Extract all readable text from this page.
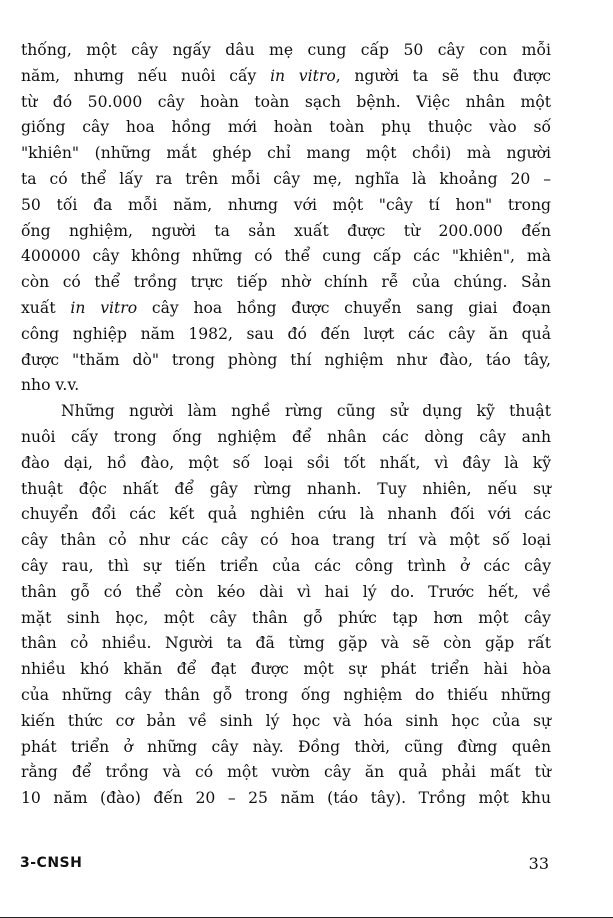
thống, một cây ngấy dâu mẹ cung cấp 50 cây con mỗi
năm, nhưng nếu nuôi cấy in vitro, người ta sẽ thu được
từ đó 50.000 cây hoàn toàn sạch bệnh. Việc nhân một
giống cây hoa hồng mới hoàn toàn phụ thuộc vào số
"khiên" (những mắt ghép chỉ mang một chồi) mà người
ta có thể lấy ra trên mỗi cây mẹ, nghĩa là khoảng 20 –
50 tối đa mỗi năm, nhưng với một "cây tí hon" trong
ống nghiệm, người ta sản xuất được từ 200.000 đến
400000 cây không những có thể cung cấp các "khiên", mà
còn có thể trồng trực tiếp nhờ chính rễ của chúng. Sản
xuất in vitro cây hoa hồng được chuyển sang giai đoạn
công nghiệp năm 1982, sau đó đến lượt các cây ăn quả
được "thăm dò" trong phòng thí nghiệm như đào, táo tây,
nho v.v.

Những người làm nghề rừng cũng sử dụng kỹ thuật
nuôi cấy trong ống nghiệm để nhân các dòng cây anh
đào dại, hồ đào, một số loại sồi tốt nhất, vì đây là kỹ
thuật độc nhất để gây rừng nhanh. Tuy nhiên, nếu sự
chuyển đổi các kết quả nghiên cứu là nhanh đối với các
cây thân cỏ như các cây có hoa trang trí và một số loại
cây rau, thì sự tiến triển của các công trình ở các cây
thân gỗ có thể còn kéo dài vì hai lý do. Trước hết, về
mặt sinh học, một cây thân gỗ phức tạp hơn một cây
thân cỏ nhiều. Người ta đã từng gặp và sẽ còn gặp rất
nhiều khó khăn để đạt được một sự phát triển hài hòa
của những cây thân gỗ trong ống nghiệm do thiếu những
kiến thức cơ bản về sinh lý học và hóa sinh học của sự
phát triển ở những cây này. Đồng thời, cũng đừng quên
rằng để trồng và có một vườn cây ăn quả phải mất từ
10 năm (đào) đến 20 – 25 năm (táo tây). Trồng một khu

3-CNSH	33
